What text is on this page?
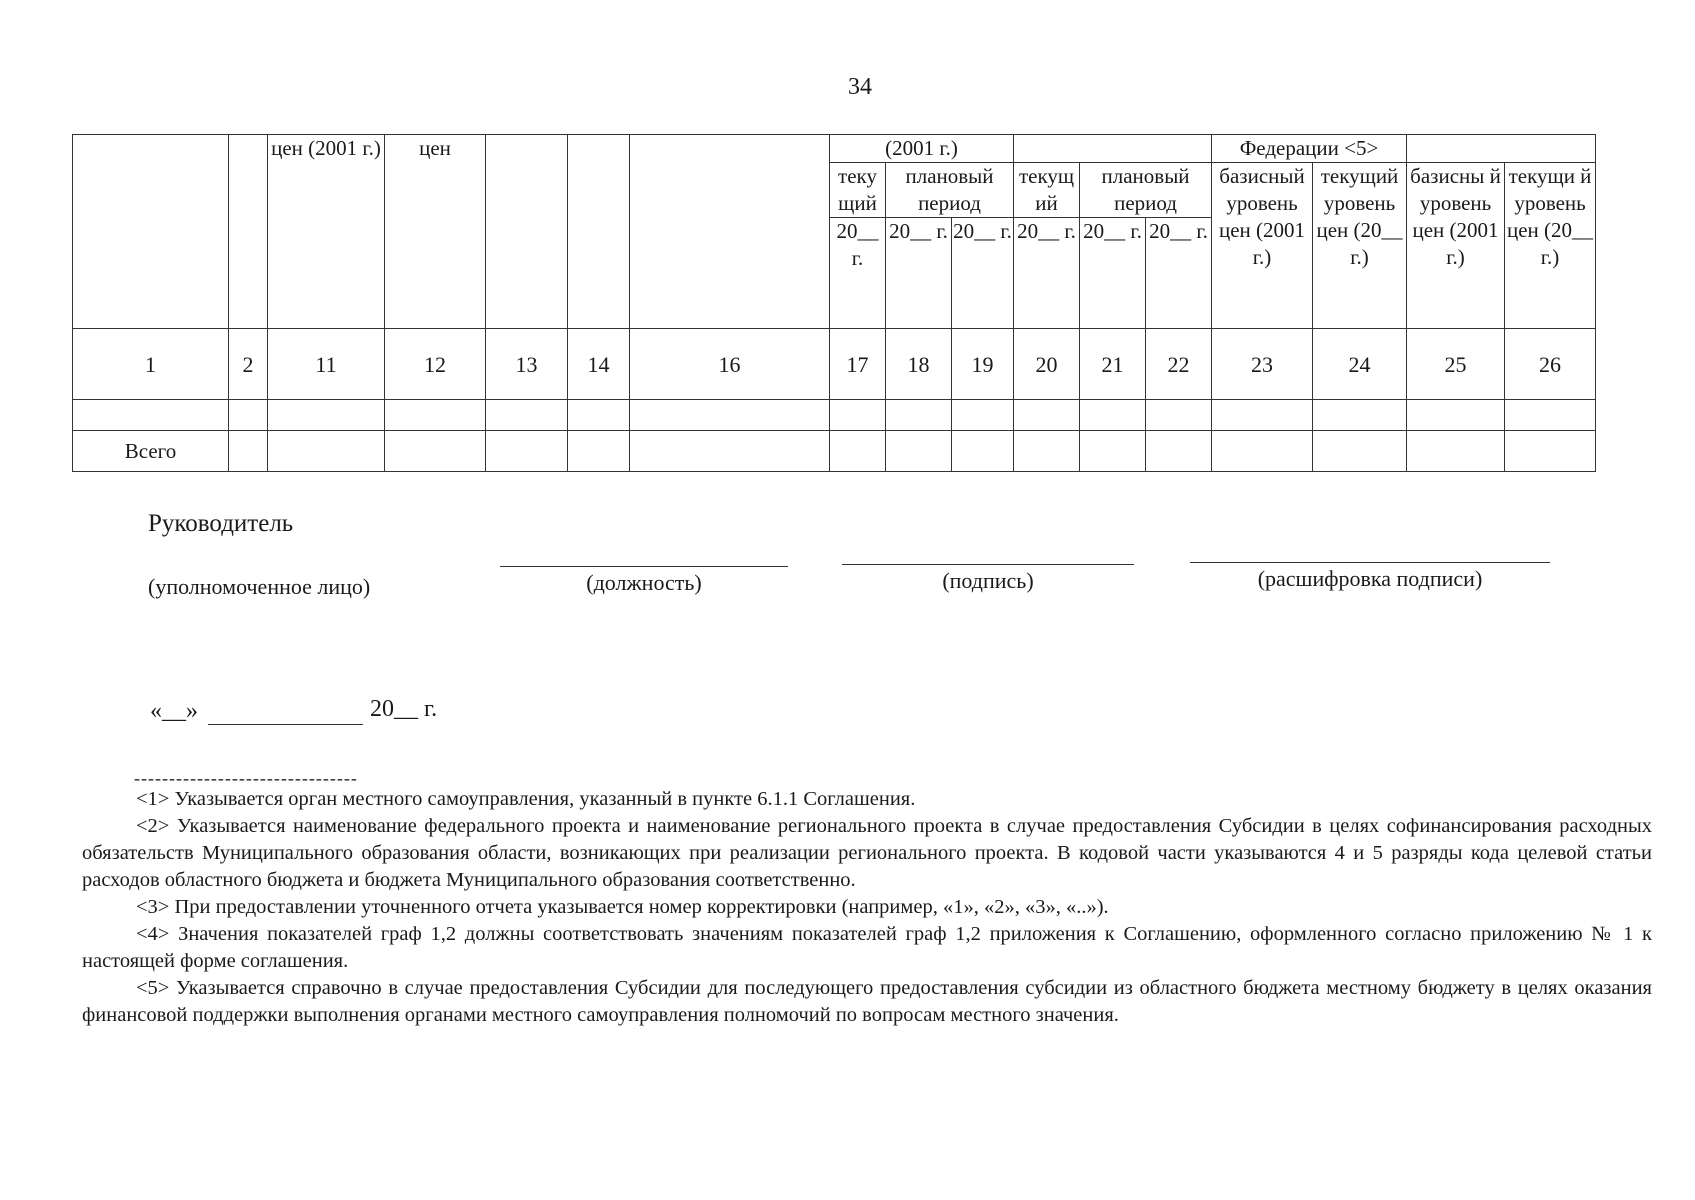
34
		цен (2001 г.)	цен				(2001 г.)						Федерации <5>			
							теку щий	плановый период		текущ ий	плановый период		базисный уровень цен (2001 г.)	текущий уровень цен (20__ г.)	базисны й уровень цен (2001 г.)	текущи й уровень цен (20__ г.)
							20__ г.	20__ г.	20__ г.	20__ г.	20__ г.	20__ г.				
1	2	11	12	13	14	16	17	18	19	20	21	22	23	24	25	26

Всего																
Руководитель
(уполномоченное лицо)	(должность)	(подпись)	(расшифровка подписи)
«__»	20__ г.
--------------------------------

<1> Указывается орган местного самоуправления, указанный в пункте 6.1.1 Соглашения.

<2> Указывается наименование федерального проекта и наименование регионального проекта в случае предоставления Субсидии в целях софинансирования расходных обязательств Муниципального образования области, возникающих при реализации регионального проекта. В кодовой части указываются 4 и 5 разряды кода целевой статьи расходов областного бюджета и бюджета Муниципального образования соответственно.

<3> При предоставлении уточненного отчета указывается номер корректировки (например, «1», «2», «3», «..»).

<4> Значения показателей граф 1,2 должны соответствовать значениям показателей граф 1,2 приложения к Соглашению, оформленного согласно приложению № 1 к настоящей форме соглашения.

<5> Указывается справочно в случае предоставления Субсидии для последующего предоставления субсидии из областного бюджета местному бюджету в целях оказания финансовой поддержки выполнения органами местного самоуправления полномочий по вопросам местного значения.
